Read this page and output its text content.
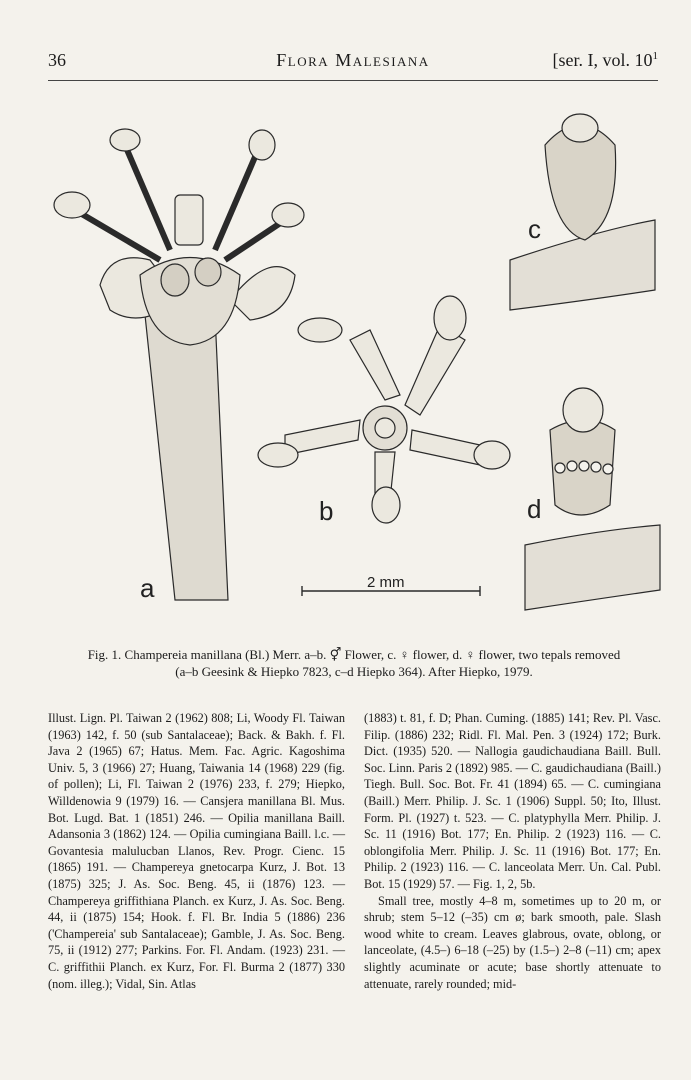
36	Flora Malesiana	[ser. I, vol. $10^1$
a
b
c
d
2 mm
Fig. 1. Champereia manillana (Bl.) Merr. a–b. ⚥ Flower, c. ♀ flower, d. ♀ flower, two tepals removed
(a–b Geesink & Hiepko 7823, c–d Hiepko 364). After Hiepko, 1979.

Illust. Lign. Pl. Taiwan 2 (1962) 808; Li, Woody Fl. Taiwan (1963) 142, f. 50 (sub Santalaceae); Back. & Bakh. f. Fl. Java 2 (1965) 67; Hatus. Mem. Fac. Agric. Kagoshima Univ. 5, 3 (1966) 27; Huang, Taiwania 14 (1968) 229 (fig. of pollen); Li, Fl. Taiwan 2 (1976) 233, f. 279; Hiepko, Willdenowia 9 (1979) 16. — Cansjera manillana Bl. Mus. Bot. Lugd. Bat. 1 (1851) 246. — Opilia manillana Baill. Adansonia 3 (1862) 124. — Opilia cumingiana Baill. l.c. — Govantesia malulucban Llanos, Rev. Progr. Cienc. 15 (1865) 191. — Champereya gnetocarpa Kurz, J. Bot. 13 (1875) 325; J. As. Soc. Beng. 45, ii (1876) 123. — Champereya griffithiana Planch. ex Kurz, J. As. Soc. Beng. 44, ii (1875) 154; Hook. f. Fl. Br. India 5 (1886) 236 ('Champereia' sub Santalaceae); Gamble, J. As. Soc. Beng. 75, ii (1912) 277; Parkins. For. Fl. Andam. (1923) 231. — C. griffithii Planch. ex Kurz, For. Fl. Burma 2 (1877) 330 (nom. illeg.); Vidal, Sin. Atlas

(1883) t. 81, f. D; Phan. Cuming. (1885) 141; Rev. Pl. Vasc. Filip. (1886) 232; Ridl. Fl. Mal. Pen. 3 (1924) 172; Burk. Dict. (1935) 520. — Nallogia gaudichaudiana Baill. Bull. Soc. Linn. Paris 2 (1892) 985. — C. gaudichaudiana (Baill.) Tiegh. Bull. Soc. Bot. Fr. 41 (1894) 65. — C. cumingiana (Baill.) Merr. Philip. J. Sc. 1 (1906) Suppl. 50; Ito, Illust. Form. Pl. (1927) t. 523. — C. platyphylla Merr. Philip. J. Sc. 11 (1916) Bot. 177; En. Philip. 2 (1923) 116. — C. oblongifolia Merr. Philip. J. Sc. 11 (1916) Bot. 177; En. Philip. 2 (1923) 116. — C. lanceolata Merr. Un. Cal. Publ. Bot. 15 (1929) 57. — Fig. 1, 2, 5b.

Small tree, mostly 4–8 m, sometimes up to 20 m, or shrub; stem 5–12 (–35) cm ø; bark smooth, pale. Slash wood white to cream. Leaves glabrous, ovate, oblong, or lanceolate, (4.5–) 6–18 (–25) by (1.5–) 2–8 (–11) cm; apex slightly acuminate or acute; base shortly attenuate to attenuate, rarely rounded; mid-
